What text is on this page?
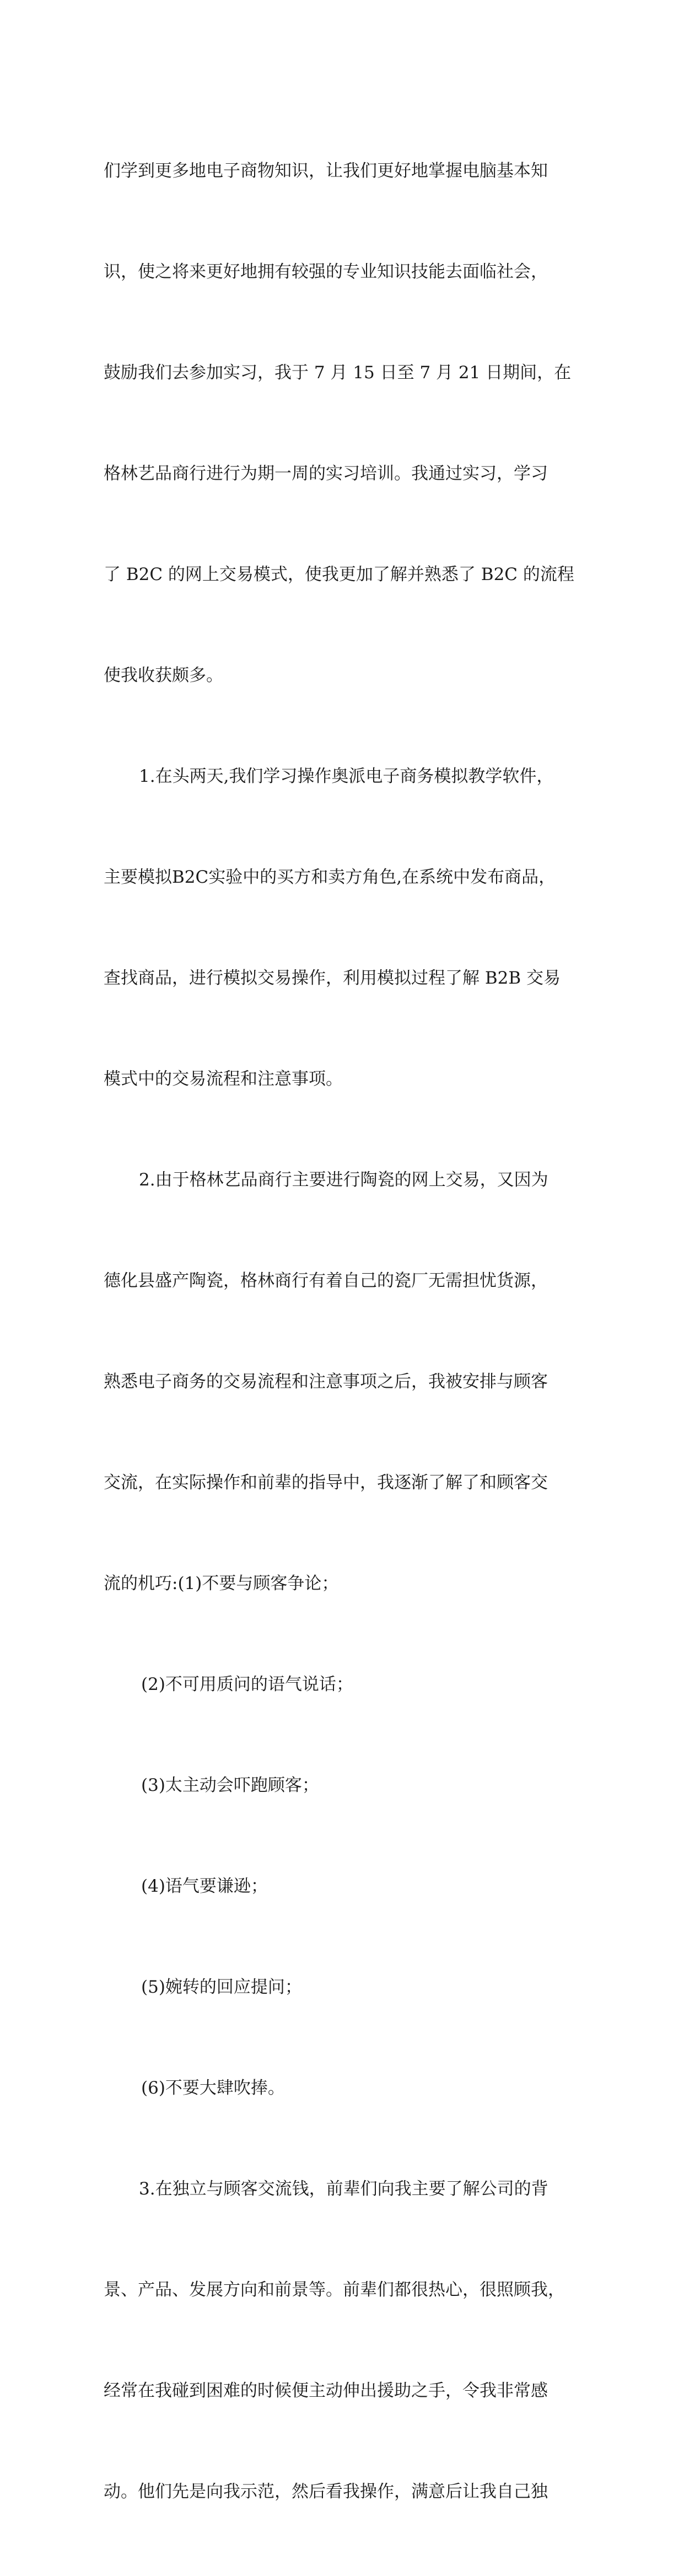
们学到更多地电子商物知识，让我们更好地掌握电脑基本知

识，使之将来更好地拥有较强的专业知识技能去面临社会，

鼓励我们去参加实习，我于 7 月 15 日至 7 月 21 日期间，在

格林艺品商行进行为期一周的实习培训。我通过实习，学习

了 B2C 的网上交易模式，使我更加了解并熟悉了 B2C 的流程

使我收获颇多。

1.在头两天,我们学习操作奥派电子商务模拟教学软件，

主要模拟B2C实验中的买方和卖方角色,在系统中发布商品，

查找商品，进行模拟交易操作，利用模拟过程了解 B2B 交易

模式中的交易流程和注意事项。

2.由于格林艺品商行主要进行陶瓷的网上交易，又因为

德化县盛产陶瓷，格林商行有着自己的瓷厂无需担忧货源，

熟悉电子商务的交易流程和注意事项之后，我被安排与顾客

交流，在实际操作和前辈的指导中，我逐渐了解了和顾客交

流的机巧:(1)不要与顾客争论；

(2)不可用质问的语气说话；

(3)太主动会吓跑顾客；

(4)语气要谦逊；

(5)婉转的回应提问；

(6)不要大肆吹捧。

3.在独立与顾客交流钱，前辈们向我主要了解公司的背

景、产品、发展方向和前景等。前辈们都很热心，很照顾我，

经常在我碰到困难的时候便主动伸出援助之手，令我非常感

动。他们先是向我示范，然后看我操作，满意后让我自己独
